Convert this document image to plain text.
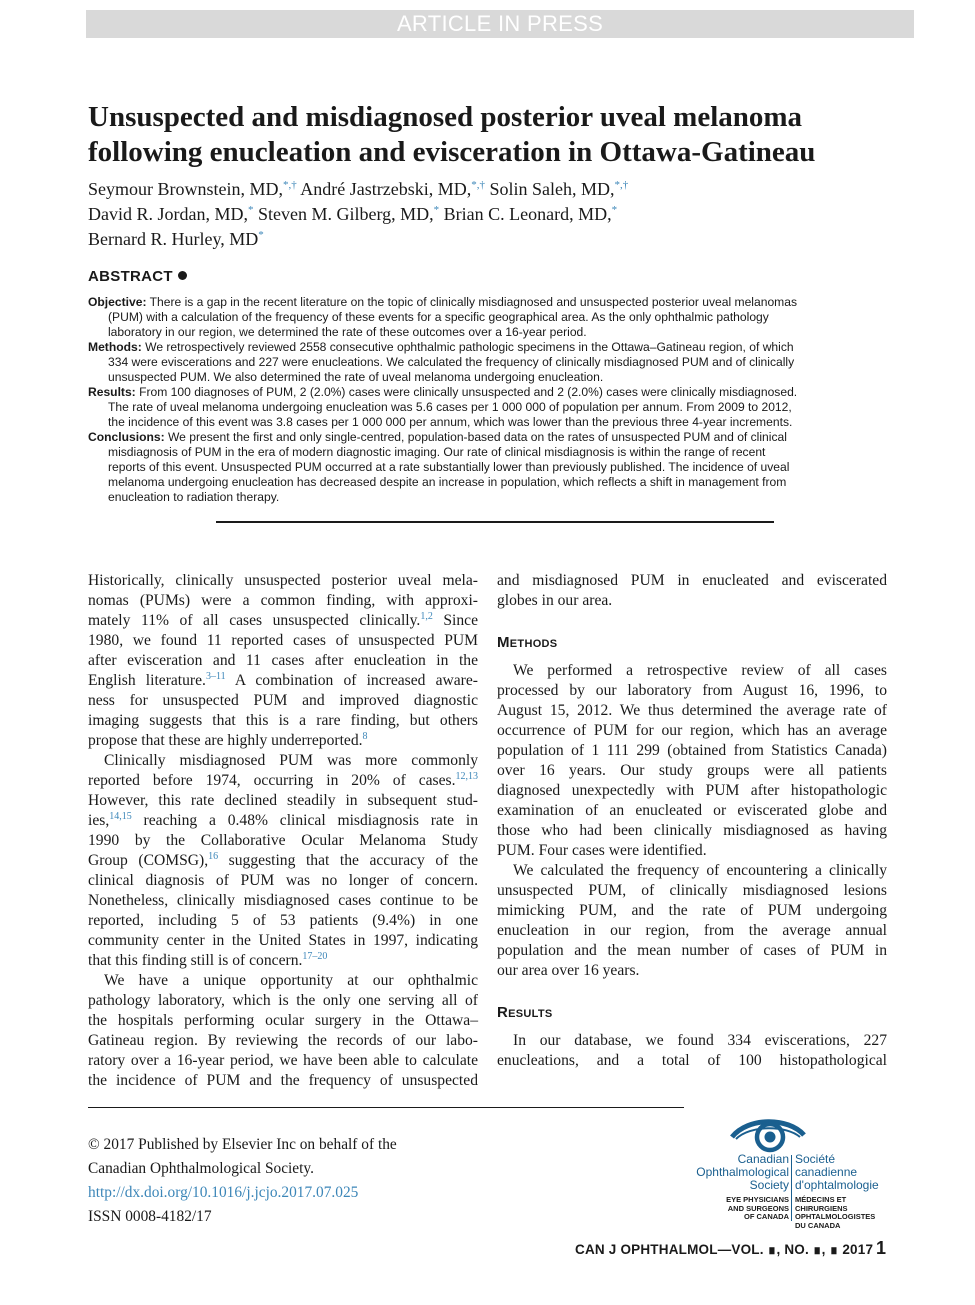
ARTICLE IN PRESS
Unsuspected and misdiagnosed posterior uveal melanoma
following enucleation and evisceration in Ottawa-Gatineau
Seymour Brownstein, MD,*,† André Jastrzebski, MD,*,† Solin Saleh, MD,*,†
David R. Jordan, MD,* Steven M. Gilberg, MD,* Brian C. Leonard, MD,*
Bernard R. Hurley, MD*
ABSTRACT
Objective: There is a gap in the recent literature on the topic of clinically misdiagnosed and unsuspected posterior uveal melanomas
(PUM) with a calculation of the frequency of these events for a specific geographical area. As the only ophthalmic pathology
laboratory in our region, we determined the rate of these outcomes over a 16-year period.
Methods: We retrospectively reviewed 2558 consecutive ophthalmic pathologic specimens in the Ottawa–Gatineau region, of which
334 were eviscerations and 227 were enucleations. We calculated the frequency of clinically misdiagnosed PUM and of clinically
unsuspected PUM. We also determined the rate of uveal melanoma undergoing enucleation.
Results: From 100 diagnoses of PUM, 2 (2.0%) cases were clinically unsuspected and 2 (2.0%) cases were clinically misdiagnosed.
The rate of uveal melanoma undergoing enucleation was 5.6 cases per 1 000 000 of population per annum. From 2009 to 2012,
the incidence of this event was 3.8 cases per 1 000 000 per annum, which was lower than the previous three 4-year increments.
Conclusions: We present the first and only single-centred, population-based data on the rates of unsuspected PUM and of clinical
misdiagnosis of PUM in the era of modern diagnostic imaging. Our rate of clinical misdiagnosis is within the range of recent
reports of this event. Unsuspected PUM occurred at a rate substantially lower than previously published. The incidence of uveal
melanoma undergoing enucleation has decreased despite an increase in population, which reflects a shift in management from
enucleation to radiation therapy.
Historically, clinically unsuspected posterior uveal mela-
nomas (PUMs) were a common finding, with approxi-
mately 11% of all cases unsuspected clinically.$^{1,2}$ Since
1980, we found 11 reported cases of unsuspected PUM
after evisceration and 11 cases after enucleation in the
English literature.$^{3-11}$ A combination of increased aware-
ness for unsuspected PUM and improved diagnostic
imaging suggests that this is a rare finding, but others
propose that these are highly underreported.$^8$
Clinically misdiagnosed PUM was more commonly
reported before 1974, occurring in 20% of cases.$^{12,13}$
However, this rate declined steadily in subsequent stud-
ies,$^{14,15}$ reaching a 0.48% clinical misdiagnosis rate in
1990 by the Collaborative Ocular Melanoma Study
Group (COMSG),$^{16}$ suggesting that the accuracy of the
clinical diagnosis of PUM was no longer of concern.
Nonetheless, clinically misdiagnosed cases continue to be
reported, including 5 of 53 patients (9.4%) in one
community center in the United States in 1997, indicating
that this finding still is of concern.$^{17-20}$
We have a unique opportunity at our ophthalmic
pathology laboratory, which is the only one serving all of
the hospitals performing ocular surgery in the Ottawa–
Gatineau region. By reviewing the records of our labo-
ratory over a 16-year period, we have been able to calculate
the incidence of PUM and the frequency of unsuspected
and misdiagnosed PUM in enucleated and eviscerated
globes in our area.
Methods
We performed a retrospective review of all cases
processed by our laboratory from August 16, 1996, to
August 15, 2012. We thus determined the average rate of
occurrence of PUM for our region, which has an average
population of 1 111 299 (obtained from Statistics Canada)
over 16 years. Our study groups were all patients
diagnosed unexpectedly with PUM after histopathologic
examination of an enucleated or eviscerated globe and
those who had been clinically misdiagnosed as having
PUM. Four cases were identified.
We calculated the frequency of encountering a clinically
unsuspected PUM, of clinically misdiagnosed lesions
mimicking PUM, and the rate of PUM undergoing
enucleation in our region, from the average annual
population and the mean number of cases of PUM in
our area over 16 years.
Results
In our database, we found 334 eviscerations, 227
enucleations, and a total of 100 histopathological
© 2017 Published by Elsevier Inc on behalf of the
Canadian Ophthalmological Society.
http://dx.doi.org/10.1016/j.jcjo.2017.07.025
ISSN 0008-4182/17
Canadian
Ophthalmological
Society
Société
canadienne
d'ophtalmologie
EYE PHYSICIANS
AND SURGEONS
OF CANADA
MÉDECINS ET CHIRURGIENS
OPHTALMOLOGISTES
DU CANADA
CAN J OPHTHALMOL—VOL. ∎, NO. ∎, ∎ 2017 1
